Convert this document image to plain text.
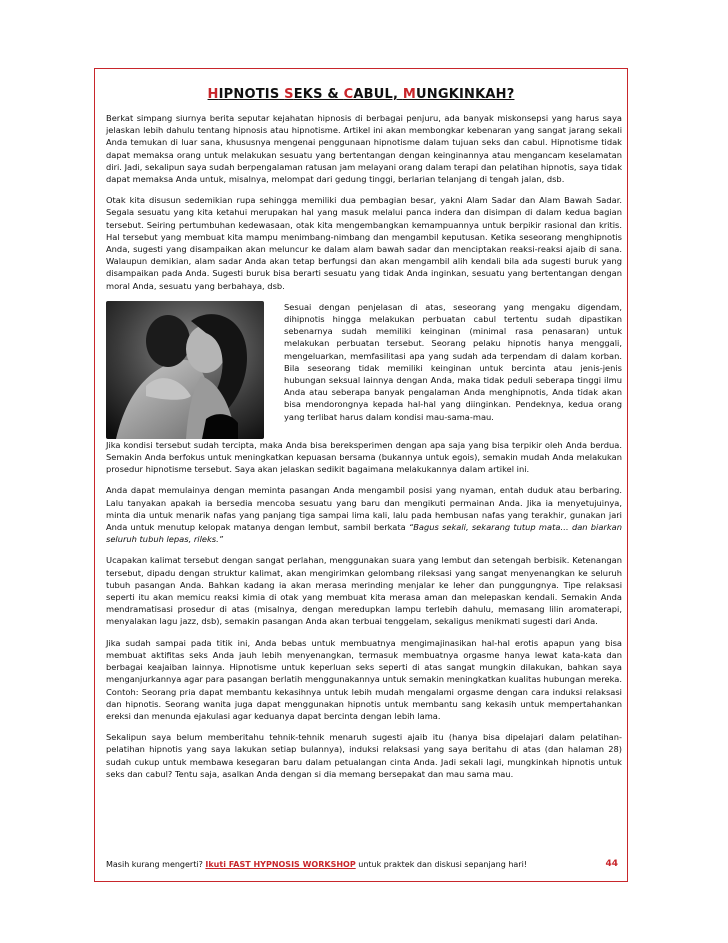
HIPNOTIS SEKS & CABUL, MUNGKINKAH?

Berkat simpang siurnya berita seputar kejahatan hipnosis di berbagai penjuru, ada banyak miskonsepsi yang harus saya jelaskan lebih dahulu tentang hipnosis atau hipnotisme. Artikel ini akan membongkar kebenaran yang sangat jarang sekali Anda temukan di luar sana, khususnya mengenai penggunaan hipnotisme dalam tujuan seks dan cabul. Hipnotisme tidak dapat memaksa orang untuk melakukan sesuatu yang bertentangan dengan keinginannya atau mengancam keselamatan diri. Jadi, sekalipun saya sudah berpengalaman ratusan jam melayani orang dalam terapi dan pelatihan hipnotis, saya tidak dapat memaksa Anda untuk, misalnya, melompat dari gedung tinggi, berlarian telanjang di tengah jalan, dsb.

Otak kita disusun sedemikian rupa sehingga memiliki dua pembagian besar, yakni Alam Sadar dan Alam Bawah Sadar. Segala sesuatu yang kita ketahui merupakan hal yang masuk melalui panca indera dan disimpan di dalam kedua bagian tersebut. Seiring pertumbuhan kedewasaan, otak kita mengembangkan kemampuannya untuk berpikir rasional dan kritis. Hal tersebut yang membuat kita mampu menimbang-nimbang dan mengambil keputusan. Ketika seseorang menghipnotis Anda, sugesti yang disampaikan akan meluncur ke dalam alam bawah sadar dan menciptakan reaksi-reaksi ajaib di sana. Walaupun demikian, alam sadar Anda akan tetap berfungsi dan akan mengambil alih kendali bila ada sugesti buruk yang disampaikan pada Anda. Sugesti buruk bisa berarti sesuatu yang tidak Anda inginkan, sesuatu yang bertentangan dengan moral Anda, sesuatu yang berbahaya, dsb.

Sesuai dengan penjelasan di atas, seseorang yang mengaku digendam, dihipnotis hingga melakukan perbuatan cabul tertentu sudah dipastikan sebenarnya sudah memiliki keinginan (minimal rasa penasaran) untuk melakukan perbuatan tersebut. Seorang pelaku hipnotis hanya menggali, mengeluarkan, memfasilitasi apa yang sudah ada terpendam di dalam korban. Bila seseorang tidak memiliki keinginan untuk bercinta atau jenis-jenis hubungan seksual lainnya dengan Anda, maka tidak peduli seberapa tinggi ilmu Anda atau seberapa banyak pengalaman Anda menghipnotis, Anda tidak akan bisa mendorongnya kepada hal-hal yang diinginkan. Pendeknya, kedua orang yang terlibat harus dalam kondisi mau-sama-mau.

Jika kondisi tersebut sudah tercipta, maka Anda bisa bereksperimen dengan apa saja yang bisa terpikir oleh Anda berdua. Semakin Anda berfokus untuk meningkatkan kepuasan bersama (bukannya untuk egois), semakin mudah Anda melakukan prosedur hipnotisme tersebut. Saya akan jelaskan sedikit bagaimana melakukannya dalam artikel ini.

Anda dapat memulainya dengan meminta pasangan Anda mengambil posisi yang nyaman, entah duduk atau berbaring. Lalu tanyakan apakah ia bersedia mencoba sesuatu yang baru dan mengikuti permainan Anda. Jika ia menyetujuinya, minta dia untuk menarik nafas yang panjang tiga sampai lima kali, lalu pada hembusan nafas yang terakhir, gunakan jari Anda untuk menutup kelopak matanya dengan lembut, sambil berkata “Bagus sekali, sekarang tutup mata… dan biarkan seluruh tubuh lepas, rileks.”

Ucapakan kalimat tersebut dengan sangat perlahan, menggunakan suara yang lembut dan setengah berbisik. Ketenangan tersebut, dipadu dengan struktur kalimat, akan mengirimkan gelombang rileksasi yang sangat menyenangkan ke seluruh tubuh pasangan Anda. Bahkan kadang ia akan merasa merinding menjalar ke leher dan punggungnya. Tipe relaksasi seperti itu akan memicu reaksi kimia di otak yang membuat kita merasa aman dan melepaskan kendali. Semakin Anda mendramatisasi prosedur di atas (misalnya, dengan meredupkan lampu terlebih dahulu, memasang lilin aromaterapi, menyalakan lagu jazz, dsb), semakin pasangan Anda akan terbuai tenggelam, sekaligus menikmati sugesti dari Anda.

Jika sudah sampai pada titik ini, Anda bebas untuk membuatnya mengimajinasikan hal-hal erotis apapun yang bisa membuat aktifitas seks Anda jauh lebih menyenangkan, termasuk membuatnya orgasme hanya lewat kata-kata dan berbagai keajaiban lainnya. Hipnotisme untuk keperluan seks seperti di atas sangat mungkin dilakukan, bahkan saya menganjurkannya agar para pasangan berlatih menggunakannya untuk semakin meningkatkan kualitas hubungan mereka. Contoh: Seorang pria dapat membantu kekasihnya untuk lebih mudah mengalami orgasme dengan cara induksi relaksasi dan hipnotis. Seorang wanita juga dapat menggunakan hipnotis untuk membantu sang kekasih untuk mempertahankan ereksi dan menunda ejakulasi agar keduanya dapat bercinta dengan lebih lama.

Sekalipun saya belum memberitahu tehnik-tehnik menaruh sugesti ajaib itu (hanya bisa dipelajari dalam pelatihan-pelatihan hipnotis yang saya lakukan setiap bulannya), induksi relaksasi yang saya beritahu di atas (dan halaman 28) sudah cukup untuk membawa kesegaran baru dalam petualangan cinta Anda. Jadi sekali lagi, mungkinkah hipnotis untuk seks dan cabul? Tentu saja, asalkan Anda dengan si dia memang bersepakat dan mau sama mau.

Masih kurang mengerti? Ikuti FAST HYPNOSIS WORKSHOP untuk praktek dan diskusi sepanjang hari!	44
